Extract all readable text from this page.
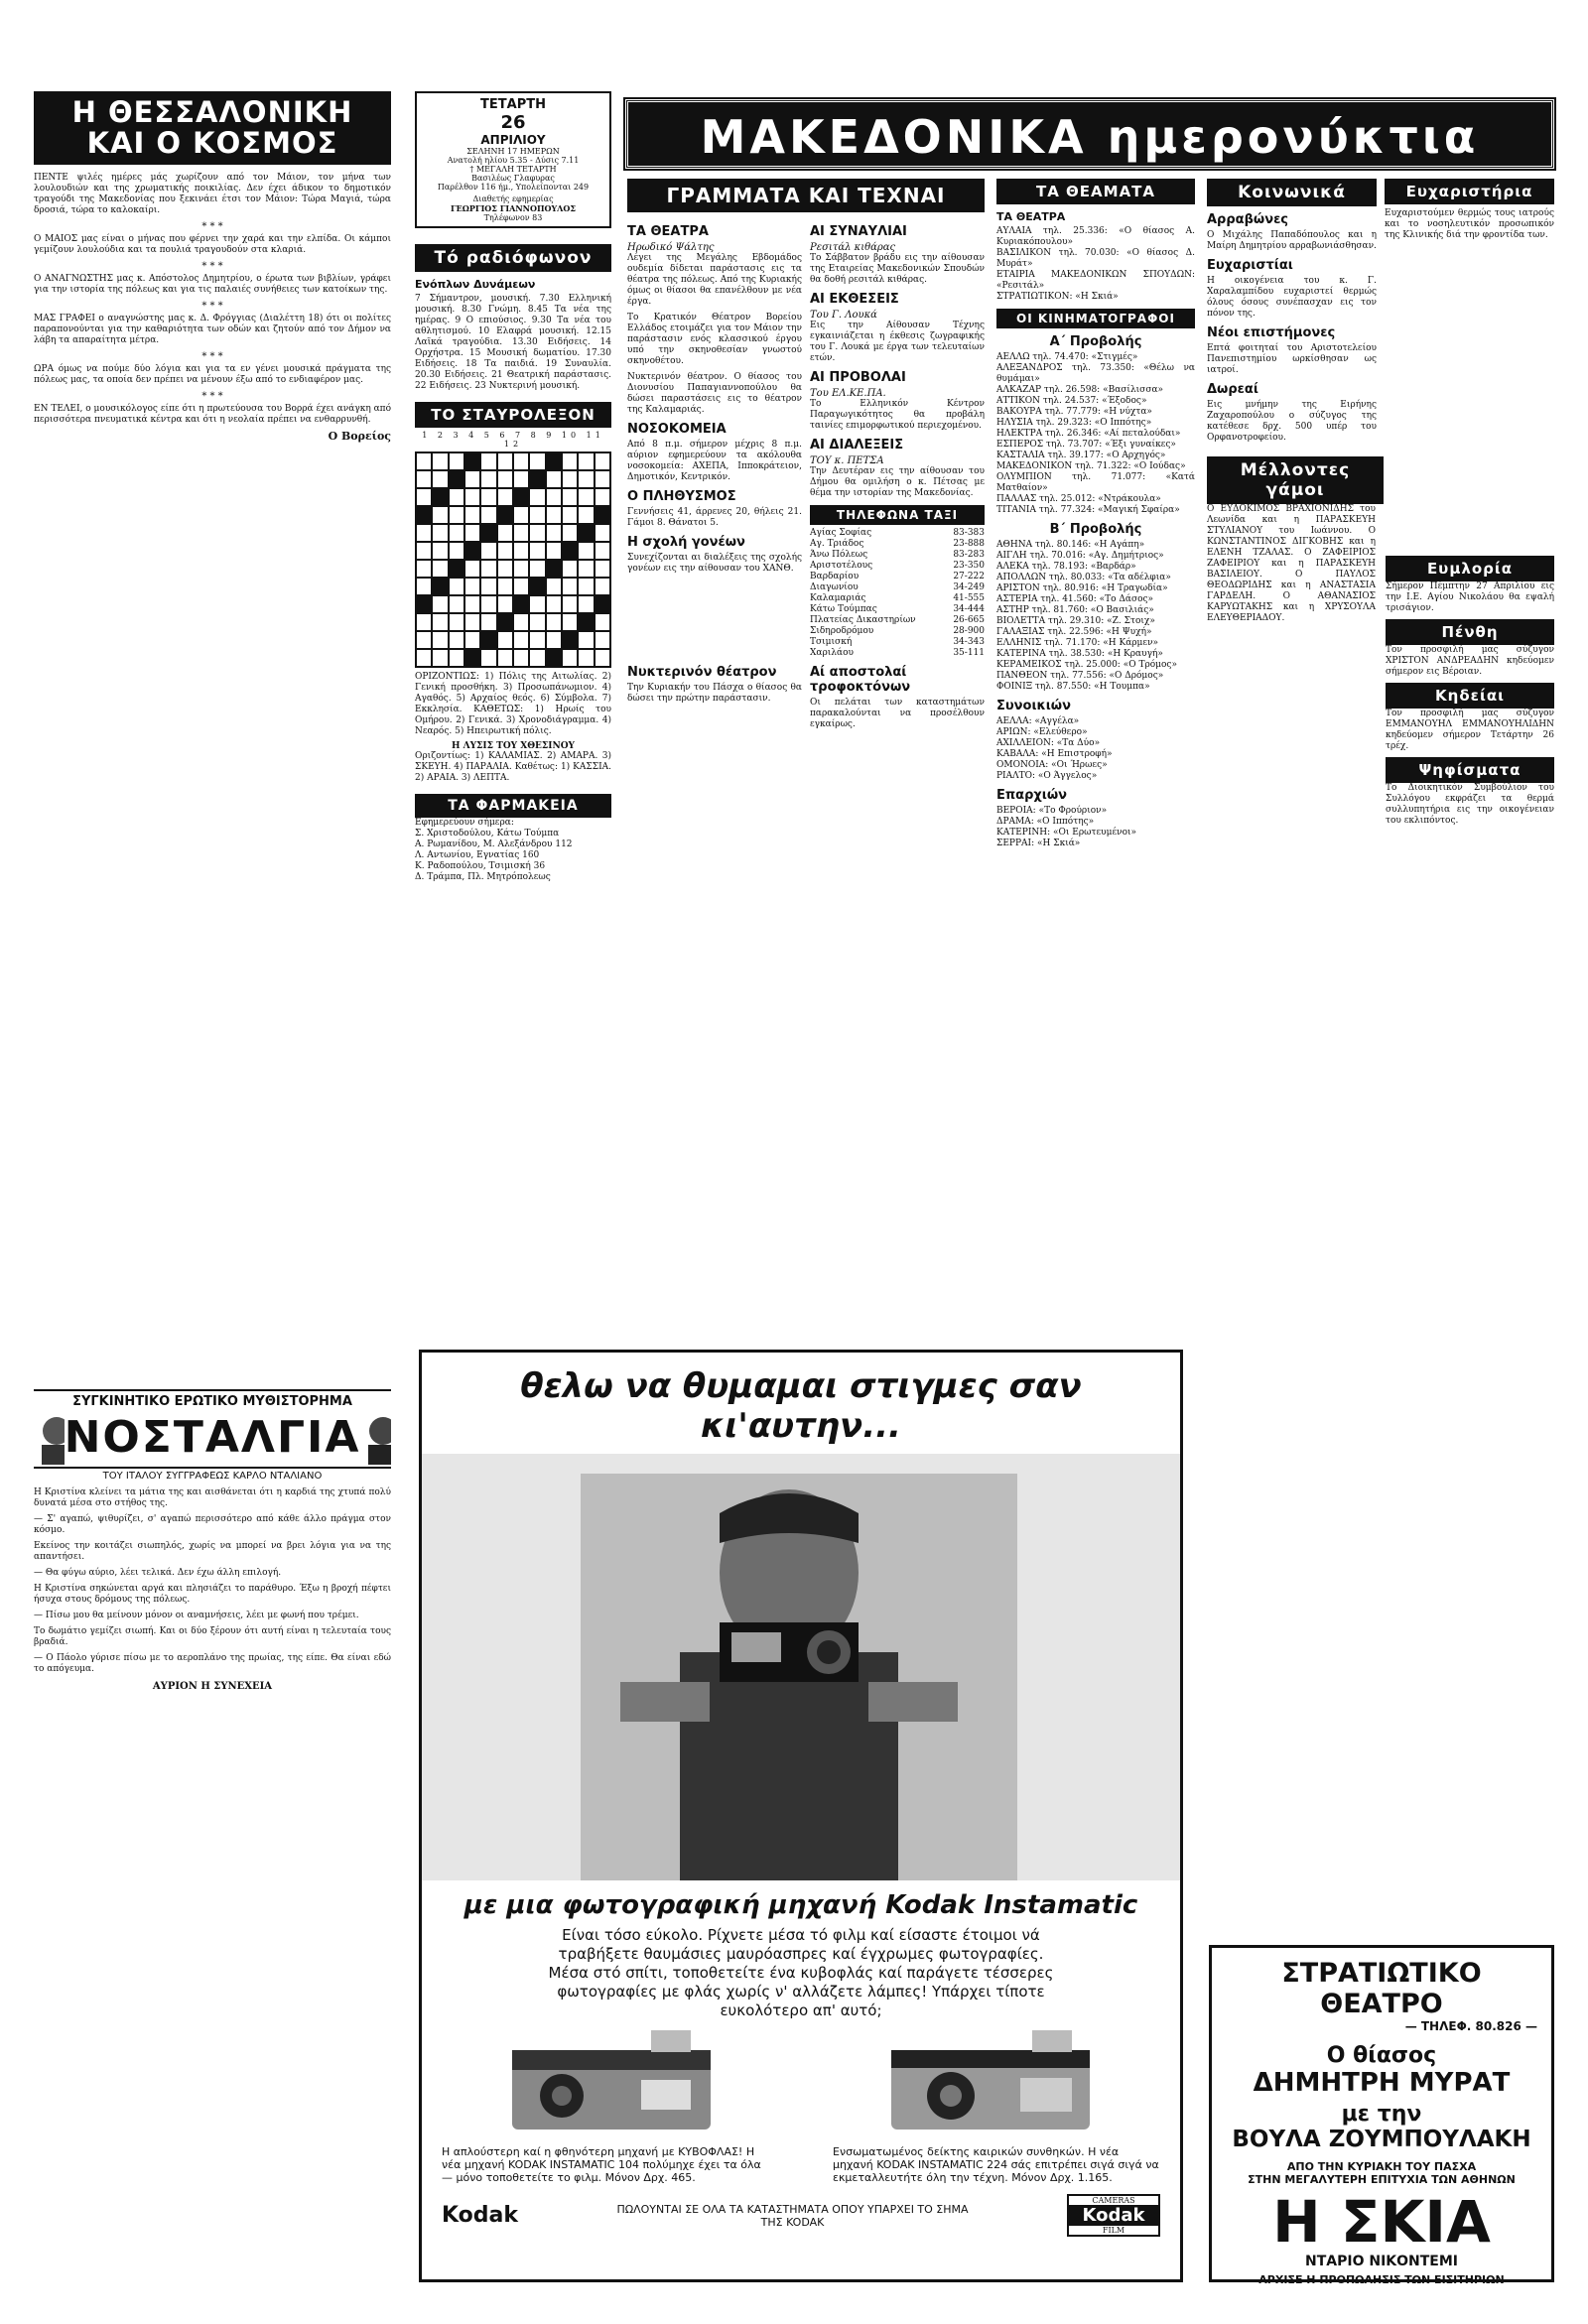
Η ΘΕΣΣΑΛΟΝΙΚΗ ΚΑΙ Ο ΚΟΣΜΟΣ

ΠΕΝΤΕ ψιλές ημέρες μάς χωρίζουν από τον Μάιον, τον μήνα των λουλουδιών και της χρωματικής ποικιλίας. Δεν έχει άδικον το δημοτικόν τραγούδι της Μακεδονίας που ξεκινάει έτσι τον Μάιον: Τώρα Μαγιά, τώρα δροσιά, τώρα το καλοκαίρι.

* * *

Ο ΜΑΙΟΣ μας είναι ο μήνας που φέρνει την χαρά και την ελπίδα. Οι κάμποι γεμίζουν λουλούδια και τα πουλιά τραγουδούν στα κλαριά.

* * *

Ο ΑΝΑΓΝΩΣΤΗΣ μας κ. Απόστολος Δημητρίου, ο έρωτα των βιβλίων, γράφει για την ιστορία της πόλεως και για τις παλαιές συνήθειες των κατοίκων της.

* * *

ΜΑΣ ΓΡΑΦΕΙ ο αναγνώστης μας κ. Δ. Φρόγγιας (Διαλέττη 18) ότι οι πολίτες παραπονούνται για την καθαριότητα των οδών και ζητούν από τον Δήμον να λάβη τα απαραίτητα μέτρα.

* * *

ΩΡΑ όμως να πούμε δύο λόγια και για τα εν γένει μουσικά πράγματα της πόλεως μας, τα οποία δεν πρέπει να μένουν έξω από το ενδιαφέρον μας.

* * *

ΕΝ ΤΕΛΕΙ, ο μουσικόλογος είπε ότι η πρωτεύουσα του Βορρά έχει ανάγκη από περισσότερα πνευματικά κέντρα και ότι η νεολαία πρέπει να ενθαρρυνθή.

Ο Βορείος
ΣΥΓΚΙΝΗΤΙΚΟ ΕΡΩΤΙΚΟ ΜΥΘΙΣΤΟΡΗΜΑ
ΝΟΣΤΑΛΓΙΑ
ΤΟΥ ΙΤΑΛΟΥ ΣΥΓΓΡΑΦΕΩΣ ΚΑΡΛΟ ΝΤΑΛΙΑΝΟ

Η Κριστίνα κλείνει τα μάτια της και αισθάνεται ότι η καρδιά της χτυπά πολύ δυνατά μέσα στο στήθος της.

— Σ' αγαπώ, ψιθυρίζει, σ' αγαπώ περισσότερο από κάθε άλλο πράγμα στον κόσμο.

Εκείνος την κοιτάζει σιωπηλός, χωρίς να μπορεί να βρει λόγια για να της απαντήσει.

— Θα φύγω αύριο, λέει τελικά. Δεν έχω άλλη επιλογή.

Η Κριστίνα σηκώνεται αργά και πλησιάζει το παράθυρο. Έξω η βροχή πέφτει ήσυχα στους δρόμους της πόλεως.

— Πίσω μου θα μείνουν μόνον οι αναμνήσεις, λέει με φωνή που τρέμει.

Το δωμάτιο γεμίζει σιωπή. Και οι δύο ξέρουν ότι αυτή είναι η τελευταία τους βραδιά.

— Ο Πάολο γύρισε πίσω με το αεροπλάνο της πρωίας, της είπε. Θα είναι εδώ το απόγευμα.

ΑΥΡΙΟΝ Η ΣΥΝΕΧΕΙΑ
ΤΕΤΑΡΤΗ
26
ΑΠΡΙΛΙΟΥ
ΣΕΛΗΝΗ 17 ΗΜΕΡΩΝ
Ανατολή ηλίου 5.35 - Δύσις 7.11
† ΜΕΓΑΛΗ ΤΕΤΑΡΤΗ
Βασιλέως Γλαφυρας
Παρέλθον 116 ήμ., Υπολείπονται 249
Διαθετής εφημερίας
ΓΕΩΡΓΙΟΣ ΓΙΑΝΝΟΠΟΥΛΟΣ
Τηλέφωνον 83
Τό ραδιόφωνον
Ενόπλων Δυνάμεων
7 Σήμαντρον, μουσική. 7.30 Ελληνική μουσική. 8.30 Γνώμη. 8.45 Τα νέα της ημέρας. 9 Ο επιούσιος. 9.30 Τα νέα του αθλητισμού. 10 Ελαφρά μουσική. 12.15 Λαϊκά τραγούδια. 13.30 Ειδήσεις. 14 Ορχήστρα. 15 Μουσική δωματίου. 17.30 Ειδήσεις. 18 Τα παιδιά. 19 Συναυλία. 20.30 Ειδήσεις. 21 Θεατρική παράστασις. 22 Ειδήσεις. 23 Νυκτερινή μουσική.
ΤΟ ΣΤΑΥΡΟΛΕΞΟΝ
1 2 3 4 5 6 7 8 9 10 11 12
ΟΡΙΖΟΝΤΙΩΣ: 1) Πόλις της Αιτωλίας. 2) Γενική προσθήκη. 3) Προσωπάνωμιον. 4) Αγαθός. 5) Αρχαίος θεός. 6) Σύμβολα. 7) Εκκλησία. ΚΑΘΕΤΩΣ: 1) Ηρωίς του Ομήρου. 2) Γενικά. 3) Χρονοδιάγραμμα. 4) Νεαρός. 5) Ηπειρωτική πόλις.
Η ΛΥΣΙΣ ΤΟΥ ΧΘΕΣΙΝΟΥ
Οριζοντίως: 1) ΚΑΛΑΜΙΑΣ. 2) ΑΜΑΡΑ. 3) ΣΚΕΥΗ. 4) ΠΑΡΑΛΙΑ. Καθέτως: 1) ΚΑΣΣΙΑ. 2) ΑΡΑΙΑ. 3) ΛΕΠΤΑ.
ΤΑ ΦΑΡΜΑΚΕΙΑ
Εφημερεύουν σήμερα:
Σ. Χριστοδούλου, Κάτω Τούμπα
Α. Ρωμανίδου, Μ. Αλεξάνδρου 112
Λ. Αντωνίου, Εγνατίας 160
Κ. Ραδοπούλου, Τσιμισκή 36
Δ. Τράμπα, Πλ. Μητρόπολεως
ΜΑΚΕΔΟΝΙΚΑ ημερονύκτια
ΓΡΑΜΜΑΤΑ ΚΑΙ ΤΕΧΝΑΙ
ΤΑ ΘΕΑΤΡΑ
Ηρωδικό Ψάλτης

Λέγει της Μεγάλης Εβδομάδος ουδεμία δίδεται παράστασις εις τα θέατρα της πόλεως. Από της Κυριακής όμως οι θίασοι θα επανέλθουν με νέα έργα.

Το Κρατικόν Θέατρον Βορείου Ελλάδος ετοιμάζει για τον Μάιον την παράστασιν ενός κλασσικού έργου υπό την σκηνοθεσίαν γνωστού σκηνοθέτου.

Νυκτερινόν θέατρον. Ο θίασος του Διονυσίου Παπαγιαννοπούλου θα δώσει παραστάσεις εις το θέατρον της Καλαμαριάς.

ΝΟΣΟΚΟΜΕΙΑ

Από 8 π.μ. σήμερον μέχρις 8 π.μ. αύριον εφημερεύουν τα ακόλουθα νοσοκομεία: ΑΧΕΠΑ, Ιπποκράτειον, Δημοτικόν, Κεντρικόν.

Ο ΠΛΗΘΥΣΜΟΣ

Γεννήσεις 41, άρρενες 20, θήλεις 21. Γάμοι 8. Θάνατοι 5.

Η σχολή γονέων

Συνεχίζονται αι διαλέξεις της σχολής γονέων εις την αίθουσαν του ΧΑΝΘ.

ΑΙ ΣΥΝΑΥΛΙΑΙ
Ρεσιτάλ κιθάρας

Το Σάββατον βράδυ εις την αίθουσαν της Εταιρείας Μακεδονικών Σπουδών θα δοθή ρεσιτάλ κιθάρας.

ΑΙ ΕΚΘΕΣΕΙΣ
Του Γ. Λουκά

Εις την Αίθουσαν Τέχνης εγκαινιάζεται η έκθεσις ζωγραφικής του Γ. Λουκά με έργα των τελευταίων ετών.

ΑΙ ΠΡΟΒΟΛΑΙ
Του ΕΛ.ΚΕ.ΠΑ.

Το Ελληνικόν Κέντρον Παραγωγικότητος θα προβάλη ταινίες επιμορφωτικού περιεχομένου.

ΑΙ ΔΙΑΛΕΞΕΙΣ
ΤΟΥ κ. ΠΕΤΣΑ

Την Δευτέραν εις την αίθουσαν του Δήμου θα ομιλήση ο κ. Πέτσας με θέμα την ιστορίαν της Μακεδονίας.

ΤΗΛΕΦΩΝΑ ΤΑΞΙ
Αγίας Σοφίας	83-383
Αγ. Τριάδος	23-888
Άνω Πόλεως	83-283
Αριστοτέλους	23-350
Βαρδαρίου	27-222
Διαγωνίου	34-249
Καλαμαριάς	41-555
Κάτω Τούμπας	34-444
Πλατείας Δικαστηρίων	26-665
Σιδηροδρόμου	28-900
Τσιμισκή	34-343
Χαριλάου	35-111
Νυκτερινόν θέατρον

Την Κυριακήν του Πάσχα ο θίασος θα δώσει την πρώτην παράστασιν.

Αί αποστολαί τροφοκτόνων

Οι πελάται των καταστημάτων παρακαλούνται να προσέλθουν εγκαίρως.

ΤΑ ΘΕΑΜΑΤΑ
ΤΑ ΘΕΑΤΡΑ
ΑΥΛΑΙΑ τηλ. 25.336: «Ο θίασος Α. Κυριακόπουλου»
ΒΑΣΙΛΙΚΟΝ τηλ. 70.030: «Ο θίασος Δ. Μυράτ»
ΕΤΑΙΡΙΑ ΜΑΚΕΔΟΝΙΚΩΝ ΣΠΟΥΔΩΝ: «Ρεσιτάλ»
ΣΤΡΑΤΙΩΤΙΚΟΝ: «Η Σκιά»
ΟΙ ΚΙΝΗΜΑΤΟΓΡΑΦΟΙ
Α΄ Προβολής
ΑΕΛΛΩ τηλ. 74.470: «Στιγμές»
ΑΛΕΞΑΝΔΡΟΣ τηλ. 73.350: «Θέλω να θυμάμαι»
ΑΛΚΑΖΑΡ τηλ. 26.598: «Βασίλισσα»
ΑΤΤΙΚΟΝ τηλ. 24.537: «Έξοδος»
ΒΑΚΟΥΡΑ τηλ. 77.779: «Η νύχτα»
ΗΛΥΣΙΑ τηλ. 29.323: «Ο Ιππότης»
ΗΛΕΚΤΡΑ τηλ. 26.346: «Αί πεταλούδαι»
ΕΣΠΕΡΟΣ τηλ. 73.707: «Έξι γυναίκες»
ΚΑΣΤΑΛΙΑ τηλ. 39.177: «Ο Αρχηγός»
ΜΑΚΕΔΟΝΙΚΟΝ τηλ. 71.322: «Ο Ιούδας»
ΟΛΥΜΠΙΟΝ τηλ. 71.077: «Κατά Ματθαίον»
ΠΑΛΛΑΣ τηλ. 25.012: «Ντράκουλα»
ΤΙΤΑΝΙΑ τηλ. 77.324: «Μαγική Σφαίρα»
Β΄ Προβολής
ΑΘΗΝΑ τηλ. 80.146: «Η Αγάπη»
ΑΙΓΛΗ τηλ. 70.016: «Αγ. Δημήτριος»
ΑΛΕΚΑ τηλ. 78.193: «Βαρδάρ»
ΑΠΟΛΛΩΝ τηλ. 80.033: «Τα αδέλφια»
ΑΡΙΣΤΟΝ τηλ. 80.916: «Η Τραγωδία»
ΑΣΤΕΡΙΑ τηλ. 41.560: «Το Δάσος»
ΑΣΤΗΡ τηλ. 81.760: «Ο Βασιλιάς»
ΒΙΟΛΕΤΤΑ τηλ. 29.310: «Ζ. Στοιχ»
ΓΑΛΑΞΙΑΣ τηλ. 22.596: «Η Ψυχή»
ΕΛΛΗΝΙΣ τηλ. 71.170: «Η Κάρμεν»
ΚΑΤΕΡΙΝΑ τηλ. 38.530: «Η Κραυγή»
ΚΕΡΑΜΕΙΚΟΣ τηλ. 25.000: «Ο Τρόμος»
ΠΑΝΘΕΟΝ τηλ. 77.556: «Ο Δρόμος»
ΦΟΙΝΙΞ τηλ. 87.550: «Η Τουμπα»
Συνοικιών
ΑΕΛΛΑ: «Αγγέλα»
ΑΡΙΩΝ: «Ελεύθερο»
ΑΧΙΛΛΕΙΟΝ: «Τα Δύο»
ΚΑΒΑΛΑ: «Η Επιστροφή»
ΟΜΟΝΟΙΑ: «Οι Ήρωες»
ΡΙΑΛΤΟ: «Ο Άγγελος»
Επαρχιών
ΒΕΡΟΙΑ: «Το Φρούριον»
ΔΡΑΜΑ: «Ο Ιππότης»
ΚΑΤΕΡΙΝΗ: «Οι Ερωτευμένοι»
ΣΕΡΡΑΙ: «Η Σκιά»
Κοινωνικά
Αρραβώνες

Ο Μιχάλης Παπαδόπουλος και η Μαίρη Δημητρίου αρραβωνιάσθησαν.

Ευχαριστίαι

Η οικογένεια του κ. Γ. Χαραλαμπίδου ευχαριστεί θερμώς όλους όσους συνέπασχαν εις τον πόνον της.

Νέοι επιστήμονες

Επτά φοιτηταί του Αριστοτελείου Πανεπιστημίου ωρκίσθησαν ως ιατροί.

Δωρεαί

Εις μνήμην της Ειρήνης Ζαχαροπούλου ο σύζυγος της κατέθεσε δρχ. 500 υπέρ του Ορφανοτροφείου.

Ευχαριστήρια

Ευχαριστούμεν θερμώς τους ιατρούς και το νοσηλευτικόν προσωπικόν της Κλινικής διά την φροντίδα των.

Μέλλοντες γάμοι

Ο ΕΥΔΟΚΙΜΟΣ ΒΡΑΧΙΟΝΙΔΗΣ του Λεωνίδα και η ΠΑΡΑΣΚΕΥΗ ΣΤΥΛΙΑΝΟΥ του Ιωάννου. Ο ΚΩΝΣΤΑΝΤΙΝΟΣ ΔΙΓΚΟΒΗΣ και η ΕΛΕΝΗ ΤΖΑΛΑΣ. Ο ΖΑΦΕΙΡΙΟΣ ΖΑΦΕΙΡΙΟΥ και η ΠΑΡΑΣΚΕΥΗ ΒΑΣΙΛΕΙΟΥ. Ο ΠΑΥΛΟΣ ΘΕΟΔΩΡΙΔΗΣ και η ΑΝΑΣΤΑΣΙΑ ΓΑΡΔΕΛΗ. Ο ΑΘΑΝΑΣΙΟΣ ΚΑΡΥΩΤΑΚΗΣ και η ΧΡΥΣΟΥΛΑ ΕΛΕΥΘΕΡΙΑΔΟΥ.

Ευμλορία

Σήμερον Πέμπτην 27 Απριλίου εις την Ι.Ε. Αγίου Νικολάου θα εψαλή τρισάγιον.

Πένθη

Τον προσφιλή μας σύζυγον ΧΡΙΣΤΟΝ ΑΝΔΡΕΑΔΗΝ κηδεύομεν σήμερον εις Βέροιαν.

Κηδείαι

Τον προσφιλή μας σύζυγον ΕΜΜΑΝΟΥΗΛ ΕΜΜΑΝΟΥΗΛΙΔΗΝ κηδεύομεν σήμερον Τετάρτην 26 τρέχ.

Ψηφίσματα

Το Διοικητικόν Συμβούλιον του Συλλόγου εκφράζει τα θερμά συλλυπητήρια εις την οικογένειαν του εκλιπόντος.

θελω να θυμαμαι στιγμες σαν κι'αυτην...
με μια φωτογραφική μηχανή Kodak Instamatic
Είναι τόσο εύκολο. Ρίχνετε μέσα τό φιλμ καί είσαστε έτοιμοι νά τραβήξετε θαυμάσιες μαυρόασπρες καί έγχρωμες φωτογραφίες. Μέσα στό σπίτι, τοποθετείτε ένα κυβοφλάς καί παράγετε τέσσερες φωτογραφίες με φλάς χωρίς ν' αλλάζετε λάμπες! Υπάρχει τίποτε ευκολότερο απ' αυτό;
Η απλούστερη καί η φθηνότερη μηχανή με ΚΥΒΟΦΛΑΣ! Η νέα μηχανή KODAK INSTAMATIC 104 πολύμηχε έχει τα όλα — μόνο τοποθετείτε το φιλμ. Μόνον Δρχ. 465.
Ενσωματωμένος δείκτης καιρικών συνθηκών. Η νέα μηχανή KODAK INSTAMATIC 224 σάς επιτρέπει σιγά σιγά να εκμεταλλευτήτε όλη την τέχνη. Μόνον Δρχ. 1.165.
Kodak	ΠΩΛΟΥΝΤΑΙ ΣΕ ΟΛΑ ΤΑ ΚΑΤΑΣΤΗΜΑΤΑ ΟΠΟΥ ΥΠΑΡΧΕΙ ΤΟ ΣΗΜΑ ΤΗΣ KODAK
CAMERAS
Kodak
FILM
ΣΤΡΑΤΙΩΤΙΚΟ ΘΕΑΤΡΟ
— ΤΗΛΕΦ. 80.826 —
Ο θίασος
ΔΗΜΗΤΡΗ ΜΥΡΑΤ
με την
ΒΟΥΛΑ ΖΟΥΜΠΟΥΛΑΚΗ
ΑΠΟ ΤΗΝ ΚΥΡΙΑΚΗ ΤΟΥ ΠΑΣΧΑ
ΣΤΗΝ ΜΕΓΑΛΥΤΕΡΗ ΕΠΙΤΥΧΙΑ ΤΩΝ ΑΘΗΝΩΝ
Η ΣΚΙΑ
ΝΤΑΡΙΟ ΝΙΚΟΝΤΕΜΙ
ΑΡΧΙΣΕ Η ΠΡΟΠΩΛΗΣΙΣ ΤΩΝ ΕΙΣΙΤΗΡΙΩΝ
